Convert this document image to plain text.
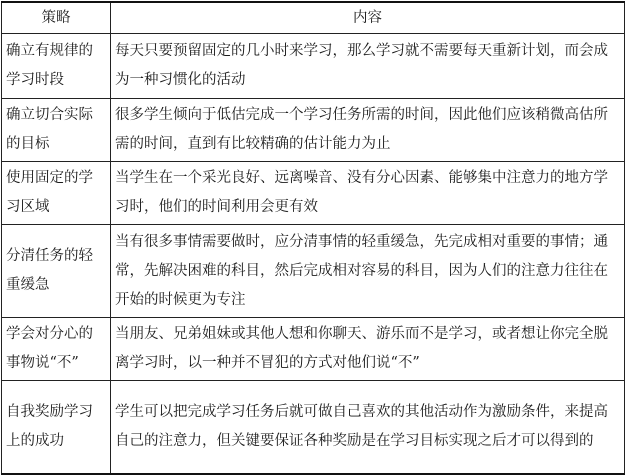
策略	内容
确立有规律的学习时段	每天只要预留固定的几小时来学习，那么学习就不需要每天重新计划，而会成为一种习惯化的活动
确立切合实际的目标	很多学生倾向于低估完成一个学习任务所需的时间，因此他们应该稍微高估所需的时间，直到有比较精确的估计能力为止
使用固定的学习区域	当学生在一个采光良好、远离噪音、没有分心因素、能够集中注意力的地方学习时，他们的时间利用会更有效
分清任务的轻重缓急	当有很多事情需要做时，应分清事情的轻重缓急，先完成相对重要的事情；通常，先解决困难的科目，然后完成相对容易的科目，因为人们的注意力往往在开始的时候更为专注
学会对分心的事物说“不”	当朋友、兄弟姐妹或其他人想和你聊天、游乐而不是学习，或者想让你完全脱离学习时，以一种并不冒犯的方式对他们说“不”
自我奖励学习上的成功	学生可以把完成学习任务后就可做自己喜欢的其他活动作为激励条件，来提高自己的注意力，但关键要保证各种奖励是在学习目标实现之后才可以得到的
